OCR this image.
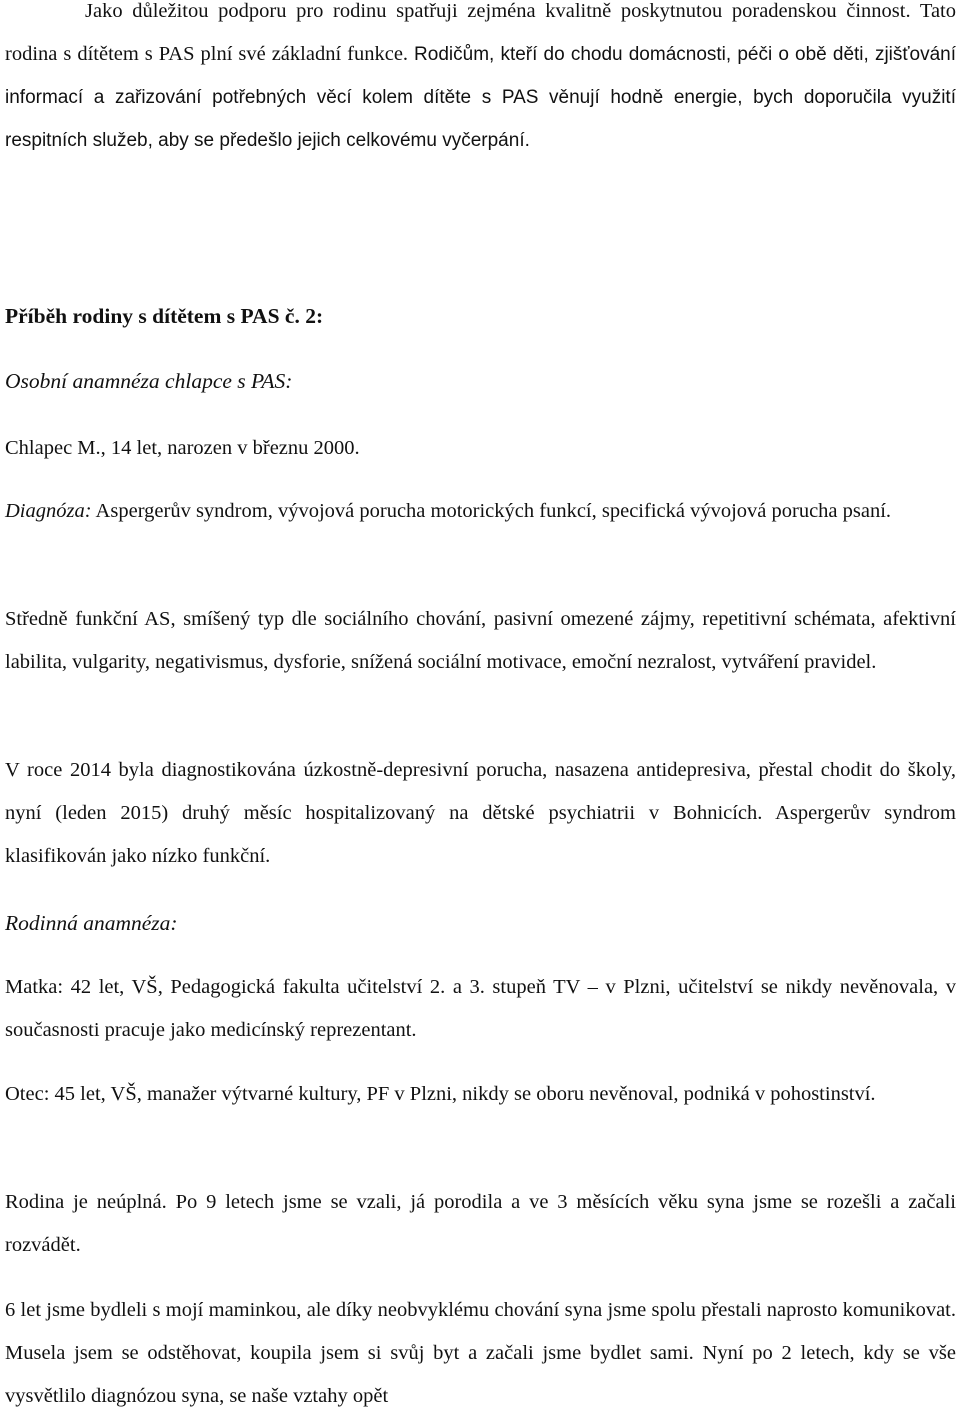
Jako důležitou podporu pro rodinu spatřuji zejména kvalitně poskytnutou poradenskou činnost. Tato rodina s dítětem s PAS plní své základní funkce. Rodičům, kteří do chodu domácnosti, péči o obě děti, zjišťování informací a zařizování potřebných věcí kolem dítěte s PAS věnují hodně energie, bych doporučila využití respitních služeb, aby se předešlo jejich celkovému vyčerpání.

Příběh rodiny s dítětem s PAS č. 2:

Osobní anamnéza chlapce s PAS:

Chlapec M., 14 let, narozen v březnu 2000.

Diagnóza: Aspergerův syndrom, vývojová porucha motorických funkcí, specifická vývojová porucha psaní.

Středně funkční AS, smíšený typ dle sociálního chování, pasivní omezené zájmy, repetitivní schémata, afektivní labilita, vulgarity, negativismus, dysforie, snížená sociální motivace, emoční nezralost, vytváření pravidel.

V roce 2014 byla diagnostikována úzkostně-depresivní porucha, nasazena antidepresiva, přestal chodit do školy, nyní (leden 2015) druhý měsíc hospitalizovaný na dětské psychiatrii v Bohnicích. Aspergerův syndrom klasifikován jako nízko funkční.

Rodinná anamnéza:

Matka: 42 let, VŠ, Pedagogická fakulta učitelství 2. a 3. stupeň TV – v Plzni, učitelství se nikdy nevěnovala, v současnosti pracuje jako medicínský reprezentant.

Otec: 45 let, VŠ, manažer výtvarné kultury, PF v Plzni, nikdy se oboru nevěnoval, podniká v pohostinství.

Rodina je neúplná. Po 9 letech jsme se vzali, já porodila a ve 3 měsících věku syna jsme se rozešli a začali rozvádět.

6 let jsme bydleli s mojí maminkou, ale díky neobvyklému chování syna jsme spolu přestali naprosto komunikovat. Musela jsem se odstěhovat, koupila jsem si svůj byt a začali jsme bydlet sami. Nyní po 2 letech, kdy se vše vysvětlilo diagnózou syna, se naše vztahy opět
